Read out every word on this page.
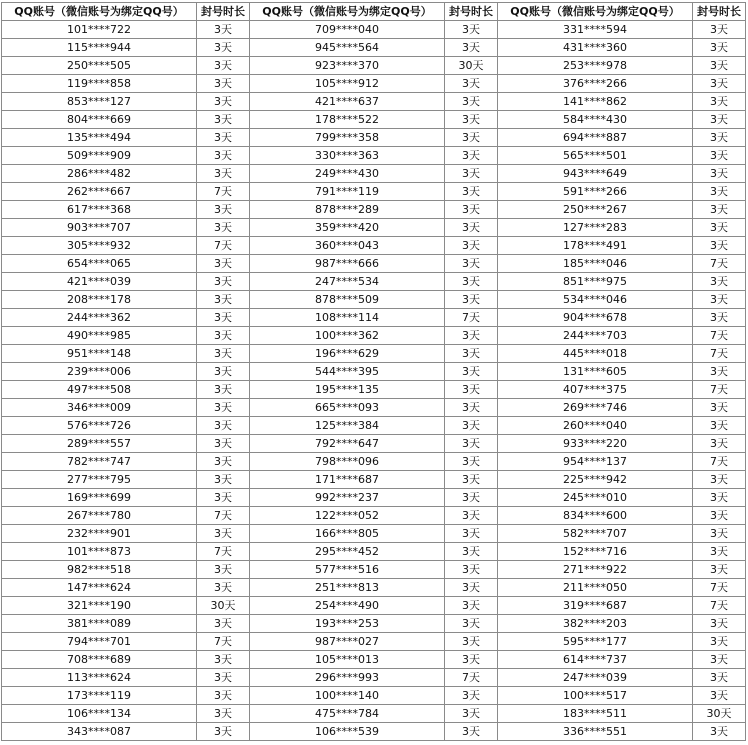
QQ账号（微信账号为绑定QQ号）	封号时长	QQ账号（微信账号为绑定QQ号）	封号时长	QQ账号（微信账号为绑定QQ号）	封号时长
101****722	3天	709****040	3天	331****594	3天
115****944	3天	945****564	3天	431****360	3天
250****505	3天	923****370	30天	253****978	3天
119****858	3天	105****912	3天	376****266	3天
853****127	3天	421****637	3天	141****862	3天
804****669	3天	178****522	3天	584****430	3天
135****494	3天	799****358	3天	694****887	3天
509****909	3天	330****363	3天	565****501	3天
286****482	3天	249****430	3天	943****649	3天
262****667	7天	791****119	3天	591****266	3天
617****368	3天	878****289	3天	250****267	3天
903****707	3天	359****420	3天	127****283	3天
305****932	7天	360****043	3天	178****491	3天
654****065	3天	987****666	3天	185****046	7天
421****039	3天	247****534	3天	851****975	3天
208****178	3天	878****509	3天	534****046	3天
244****362	3天	108****114	7天	904****678	3天
490****985	3天	100****362	3天	244****703	7天
951****148	3天	196****629	3天	445****018	7天
239****006	3天	544****395	3天	131****605	3天
497****508	3天	195****135	3天	407****375	7天
346****009	3天	665****093	3天	269****746	3天
576****726	3天	125****384	3天	260****040	3天
289****557	3天	792****647	3天	933****220	3天
782****747	3天	798****096	3天	954****137	7天
277****795	3天	171****687	3天	225****942	3天
169****699	3天	992****237	3天	245****010	3天
267****780	7天	122****052	3天	834****600	3天
232****901	3天	166****805	3天	582****707	3天
101****873	7天	295****452	3天	152****716	3天
982****518	3天	577****516	3天	271****922	3天
147****624	3天	251****813	3天	211****050	7天
321****190	30天	254****490	3天	319****687	7天
381****089	3天	193****253	3天	382****203	3天
794****701	7天	987****027	3天	595****177	3天
708****689	3天	105****013	3天	614****737	3天
113****624	3天	296****993	7天	247****039	3天
173****119	3天	100****140	3天	100****517	3天
106****134	3天	475****784	3天	183****511	30天
343****087	3天	106****539	3天	336****551	3天
